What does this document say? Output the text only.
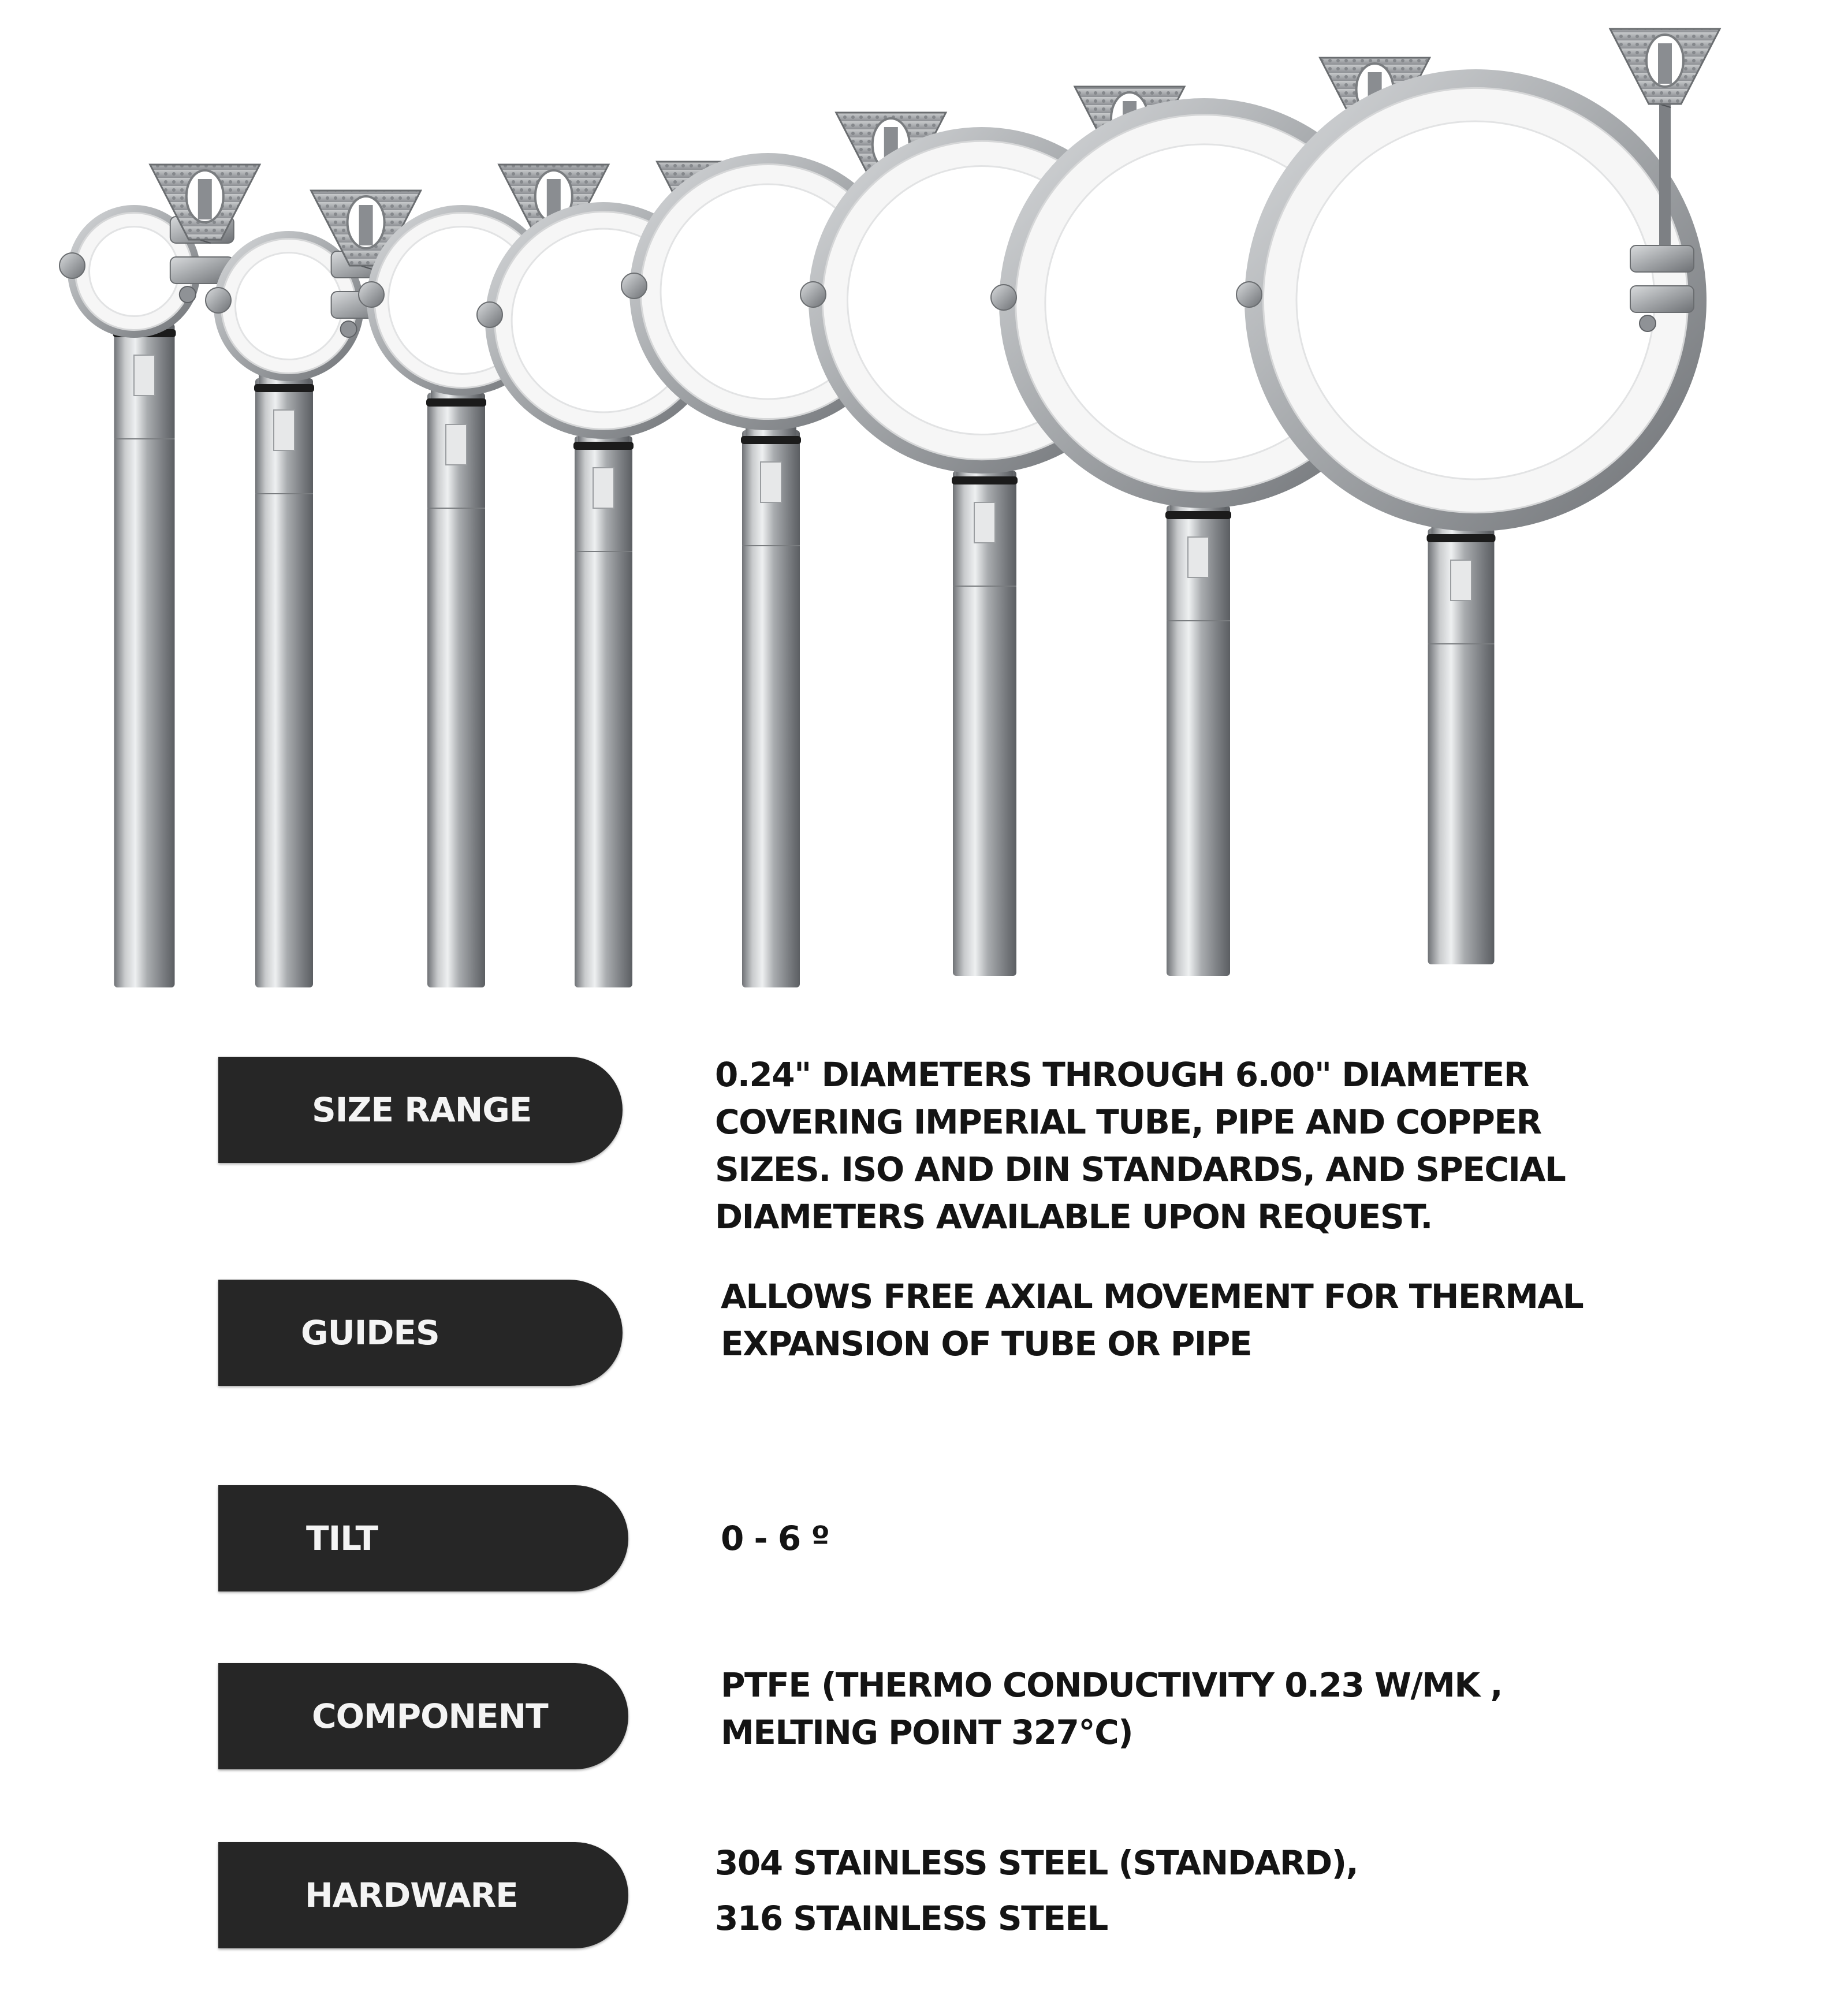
SIZE RANGE
0.24" DIAMETERS THROUGH 6.00" DIAMETER
COVERING IMPERIAL TUBE, PIPE AND COPPER
SIZES. ISO AND DIN STANDARDS, AND SPECIAL
DIAMETERS AVAILABLE UPON REQUEST.
GUIDES
ALLOWS FREE AXIAL MOVEMENT FOR THERMAL
EXPANSION OF TUBE OR PIPE
TILT	0 - 6 º
COMPONENT
PTFE (THERMO CONDUCTIVITY 0.23 W/MK ,
MELTING POINT 327℃)
HARDWARE
304 STAINLESS STEEL (STANDARD),
316 STAINLESS STEEL
